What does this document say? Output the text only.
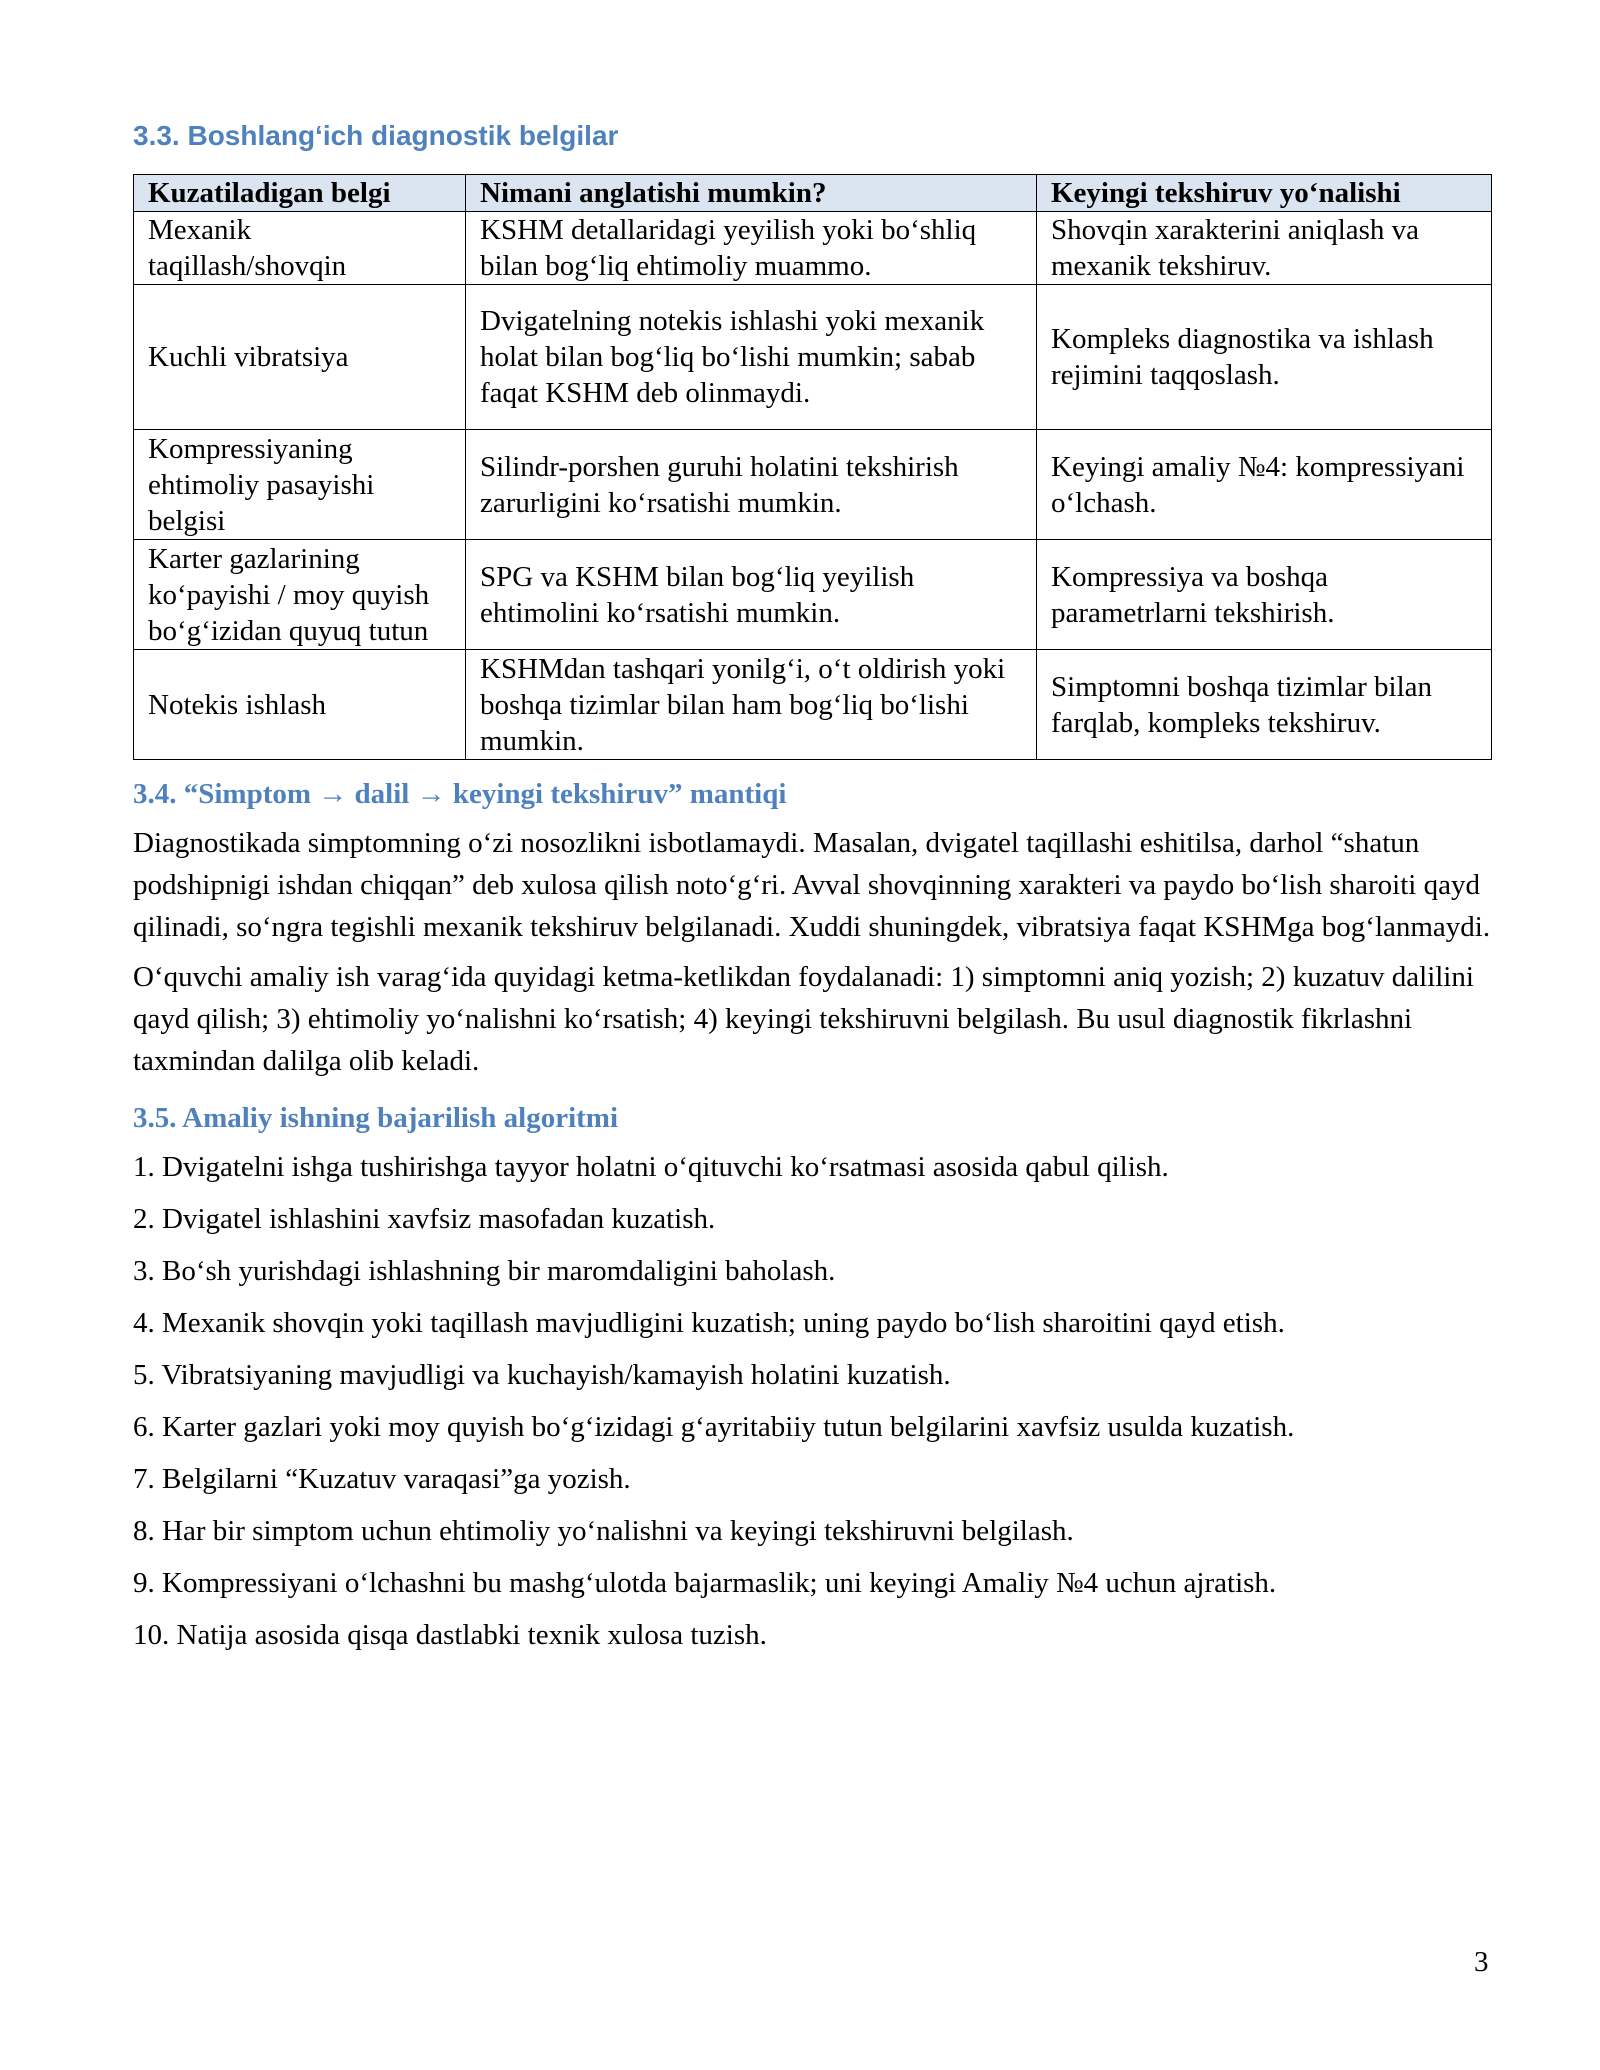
3.3. Boshlang‘ich diagnostik belgilar
Kuzatiladigan belgi	Nimani anglatishi mumkin?	Keyingi tekshiruv yo‘nalishi
Mexanik taqillash/shovqin	KSHM detallaridagi yeyilish yoki bo‘shliq bilan bog‘liq ehtimoliy muammo.	Shovqin xarakterini aniqlash va mexanik tekshiruv.
Kuchli vibratsiya	Dvigatelning notekis ishlashi yoki mexanik holat bilan bog‘liq bo‘lishi mumkin; sabab faqat KSHM deb olinmaydi.	Kompleks diagnostika va ishlash rejimini taqqoslash.
Kompressiyaning ehtimoliy pasayishi belgisi	Silindr-porshen guruhi holatini tekshirish zarurligini ko‘rsatishi mumkin.	Keyingi amaliy №4: kompressiyani o‘lchash.
Karter gazlarining ko‘payishi / moy quyish bo‘g‘izidan quyuq tutun	SPG va KSHM bilan bog‘liq yeyilish ehtimolini ko‘rsatishi mumkin.	Kompressiya va boshqa parametrlarni tekshirish.
Notekis ishlash	KSHMdan tashqari yonilg‘i, o‘t oldirish yoki boshqa tizimlar bilan ham bog‘liq bo‘lishi mumkin.	Simptomni boshqa tizimlar bilan farqlab, kompleks tekshiruv.
3.4. “Simptom → dalil → keyingi tekshiruv” mantiqi

Diagnostikada simptomning o‘zi nosozlikni isbotlamaydi. Masalan, dvigatel taqillashi eshitilsa, darhol “shatun podshipnigi ishdan chiqqan” deb xulosa qilish noto‘g‘ri. Avval shovqinning xarakteri va paydo bo‘lish sharoiti qayd qilinadi, so‘ngra tegishli mexanik tekshiruv belgilanadi. Xuddi shuningdek, vibratsiya faqat KSHMga bog‘lanmaydi.

O‘quvchi amaliy ish varag‘ida quyidagi ketma-ketlikdan foydalanadi: 1) simptomni aniq yozish; 2) kuzatuv dalilini qayd qilish; 3) ehtimoliy yo‘nalishni ko‘rsatish; 4) keyingi tekshiruvni belgilash. Bu usul diagnostik fikrlashni taxmindan dalilga olib keladi.

3.5. Amaliy ishning bajarilish algoritmi
1. Dvigatelni ishga tushirishga tayyor holatni o‘qituvchi ko‘rsatmasi asosida qabul qilish.
2. Dvigatel ishlashini xavfsiz masofadan kuzatish.
3. Bo‘sh yurishdagi ishlashning bir maromdaligini baholash.
4. Mexanik shovqin yoki taqillash mavjudligini kuzatish; uning paydo bo‘lish sharoitini qayd etish.
5. Vibratsiyaning mavjudligi va kuchayish/kamayish holatini kuzatish.
6. Karter gazlari yoki moy quyish bo‘g‘izidagi g‘ayritabiiy tutun belgilarini xavfsiz usulda kuzatish.
7. Belgilarni “Kuzatuv varaqasi”ga yozish.
8. Har bir simptom uchun ehtimoliy yo‘nalishni va keyingi tekshiruvni belgilash.
9. Kompressiyani o‘lchashni bu mashg‘ulotda bajarmaslik; uni keyingi Amaliy №4 uchun ajratish.
10. Natija asosida qisqa dastlabki texnik xulosa tuzish.
3
